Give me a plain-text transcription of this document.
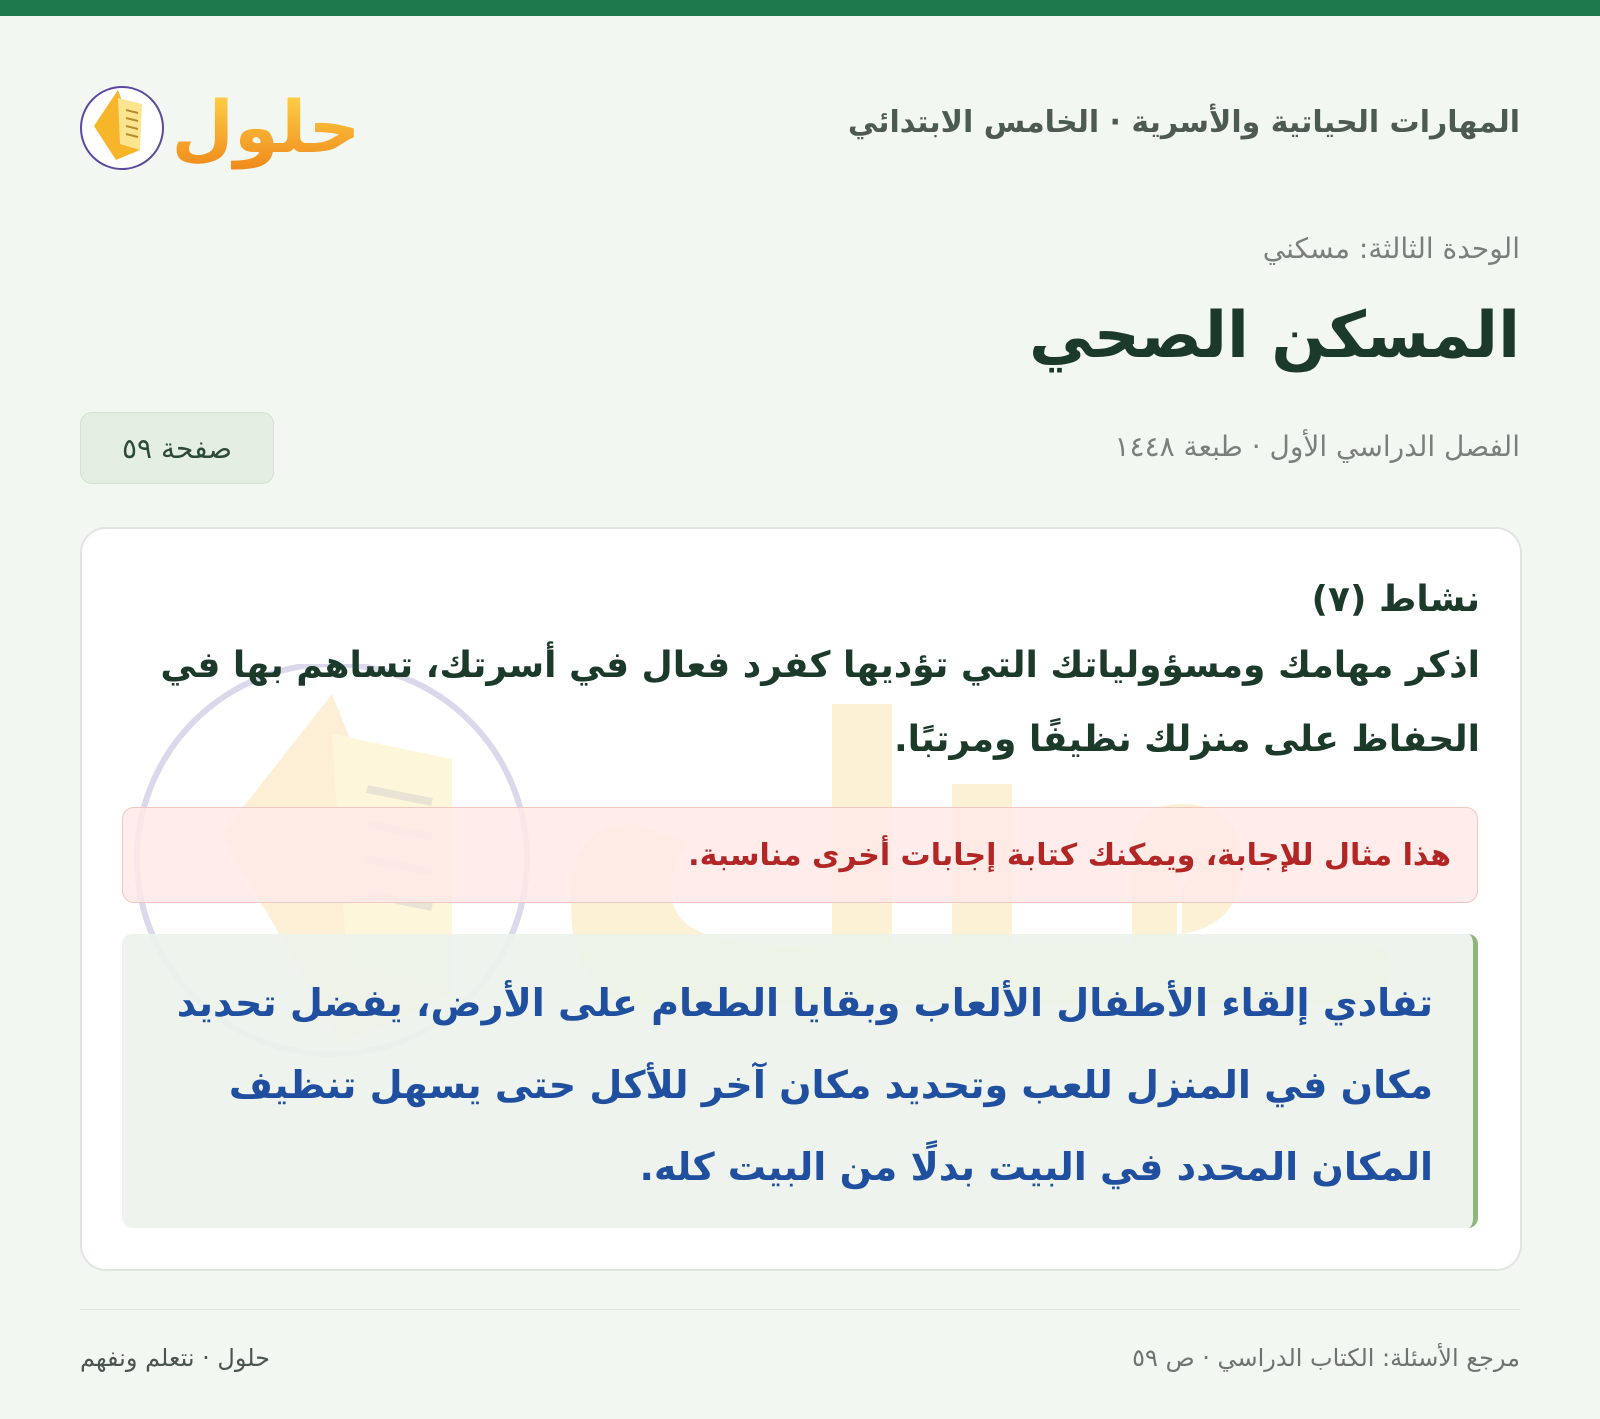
حلول	المهارات الحياتية والأسرية · الخامس الابتدائي
الوحدة الثالثة: مسكني
المسكن الصحي
الفصل الدراسي الأول · طبعة ١٤٤٨
صفحة ٥٩
نشاط (٧)
اذكر مهامك ومسؤولياتك التي تؤديها كفرد فعال في أسرتك، تساهم بها في الحفاظ على منزلك نظيفًا ومرتبًا.
هذا مثال للإجابة، ويمكنك كتابة إجابات أخرى مناسبة.
تفادي إلقاء الأطفال الألعاب وبقايا الطعام على الأرض، يفضل تحديد مكان في المنزل للعب وتحديد مكان آخر للأكل حتى يسهل تنظيف المكان المحدد في البيت بدلًا من البيت كله.
مرجع الأسئلة: الكتاب الدراسي · ص ٥٩
حلول · نتعلم ونفهم
